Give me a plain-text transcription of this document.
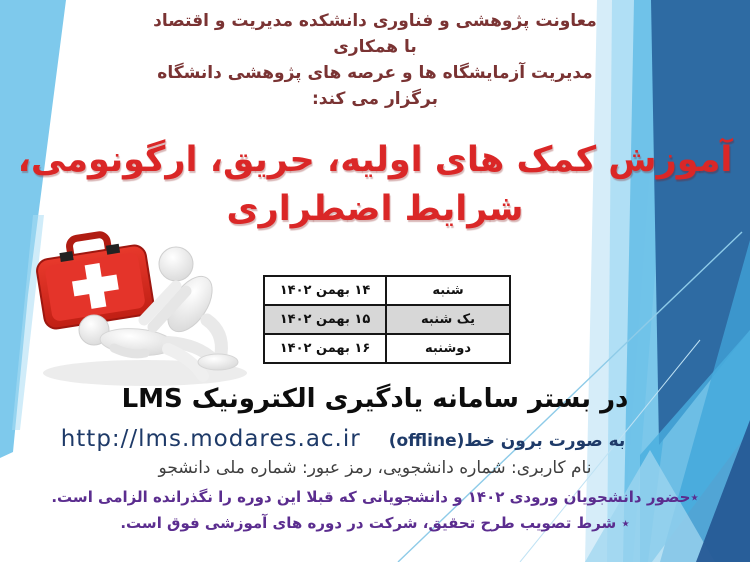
معاونت پژوهشی و فناوری دانشکده مدیریت و اقتصاد
با همکاری
مدیریت آزمایشگاه ها و عرصه های پژوهشی دانشگاه
برگزار می کند:
آموزش کمک های اولیه، حریق، ارگونومی،
شرایط اضطراری
شنبه	۱۴ بهمن ۱۴۰۲
یک شنبه	۱۵ بهمن ۱۴۰۲
دوشنبه	۱۶ بهمن ۱۴۰۲
در بستر سامانه یادگیری الکترونیک LMS
به صورت برون خط(offline)
http://lms.modares.ac.ir
نام کاربری: شماره دانشجویی، رمز عبور: شماره ملی دانشجو
٭حضور دانشجویان ورودی ۱۴۰۲ و دانشجویانی که قبلا این دوره را نگذرانده الزامی است.
٭ شرط تصویب طرح تحقیق، شرکت در دوره های آموزشی فوق است.
